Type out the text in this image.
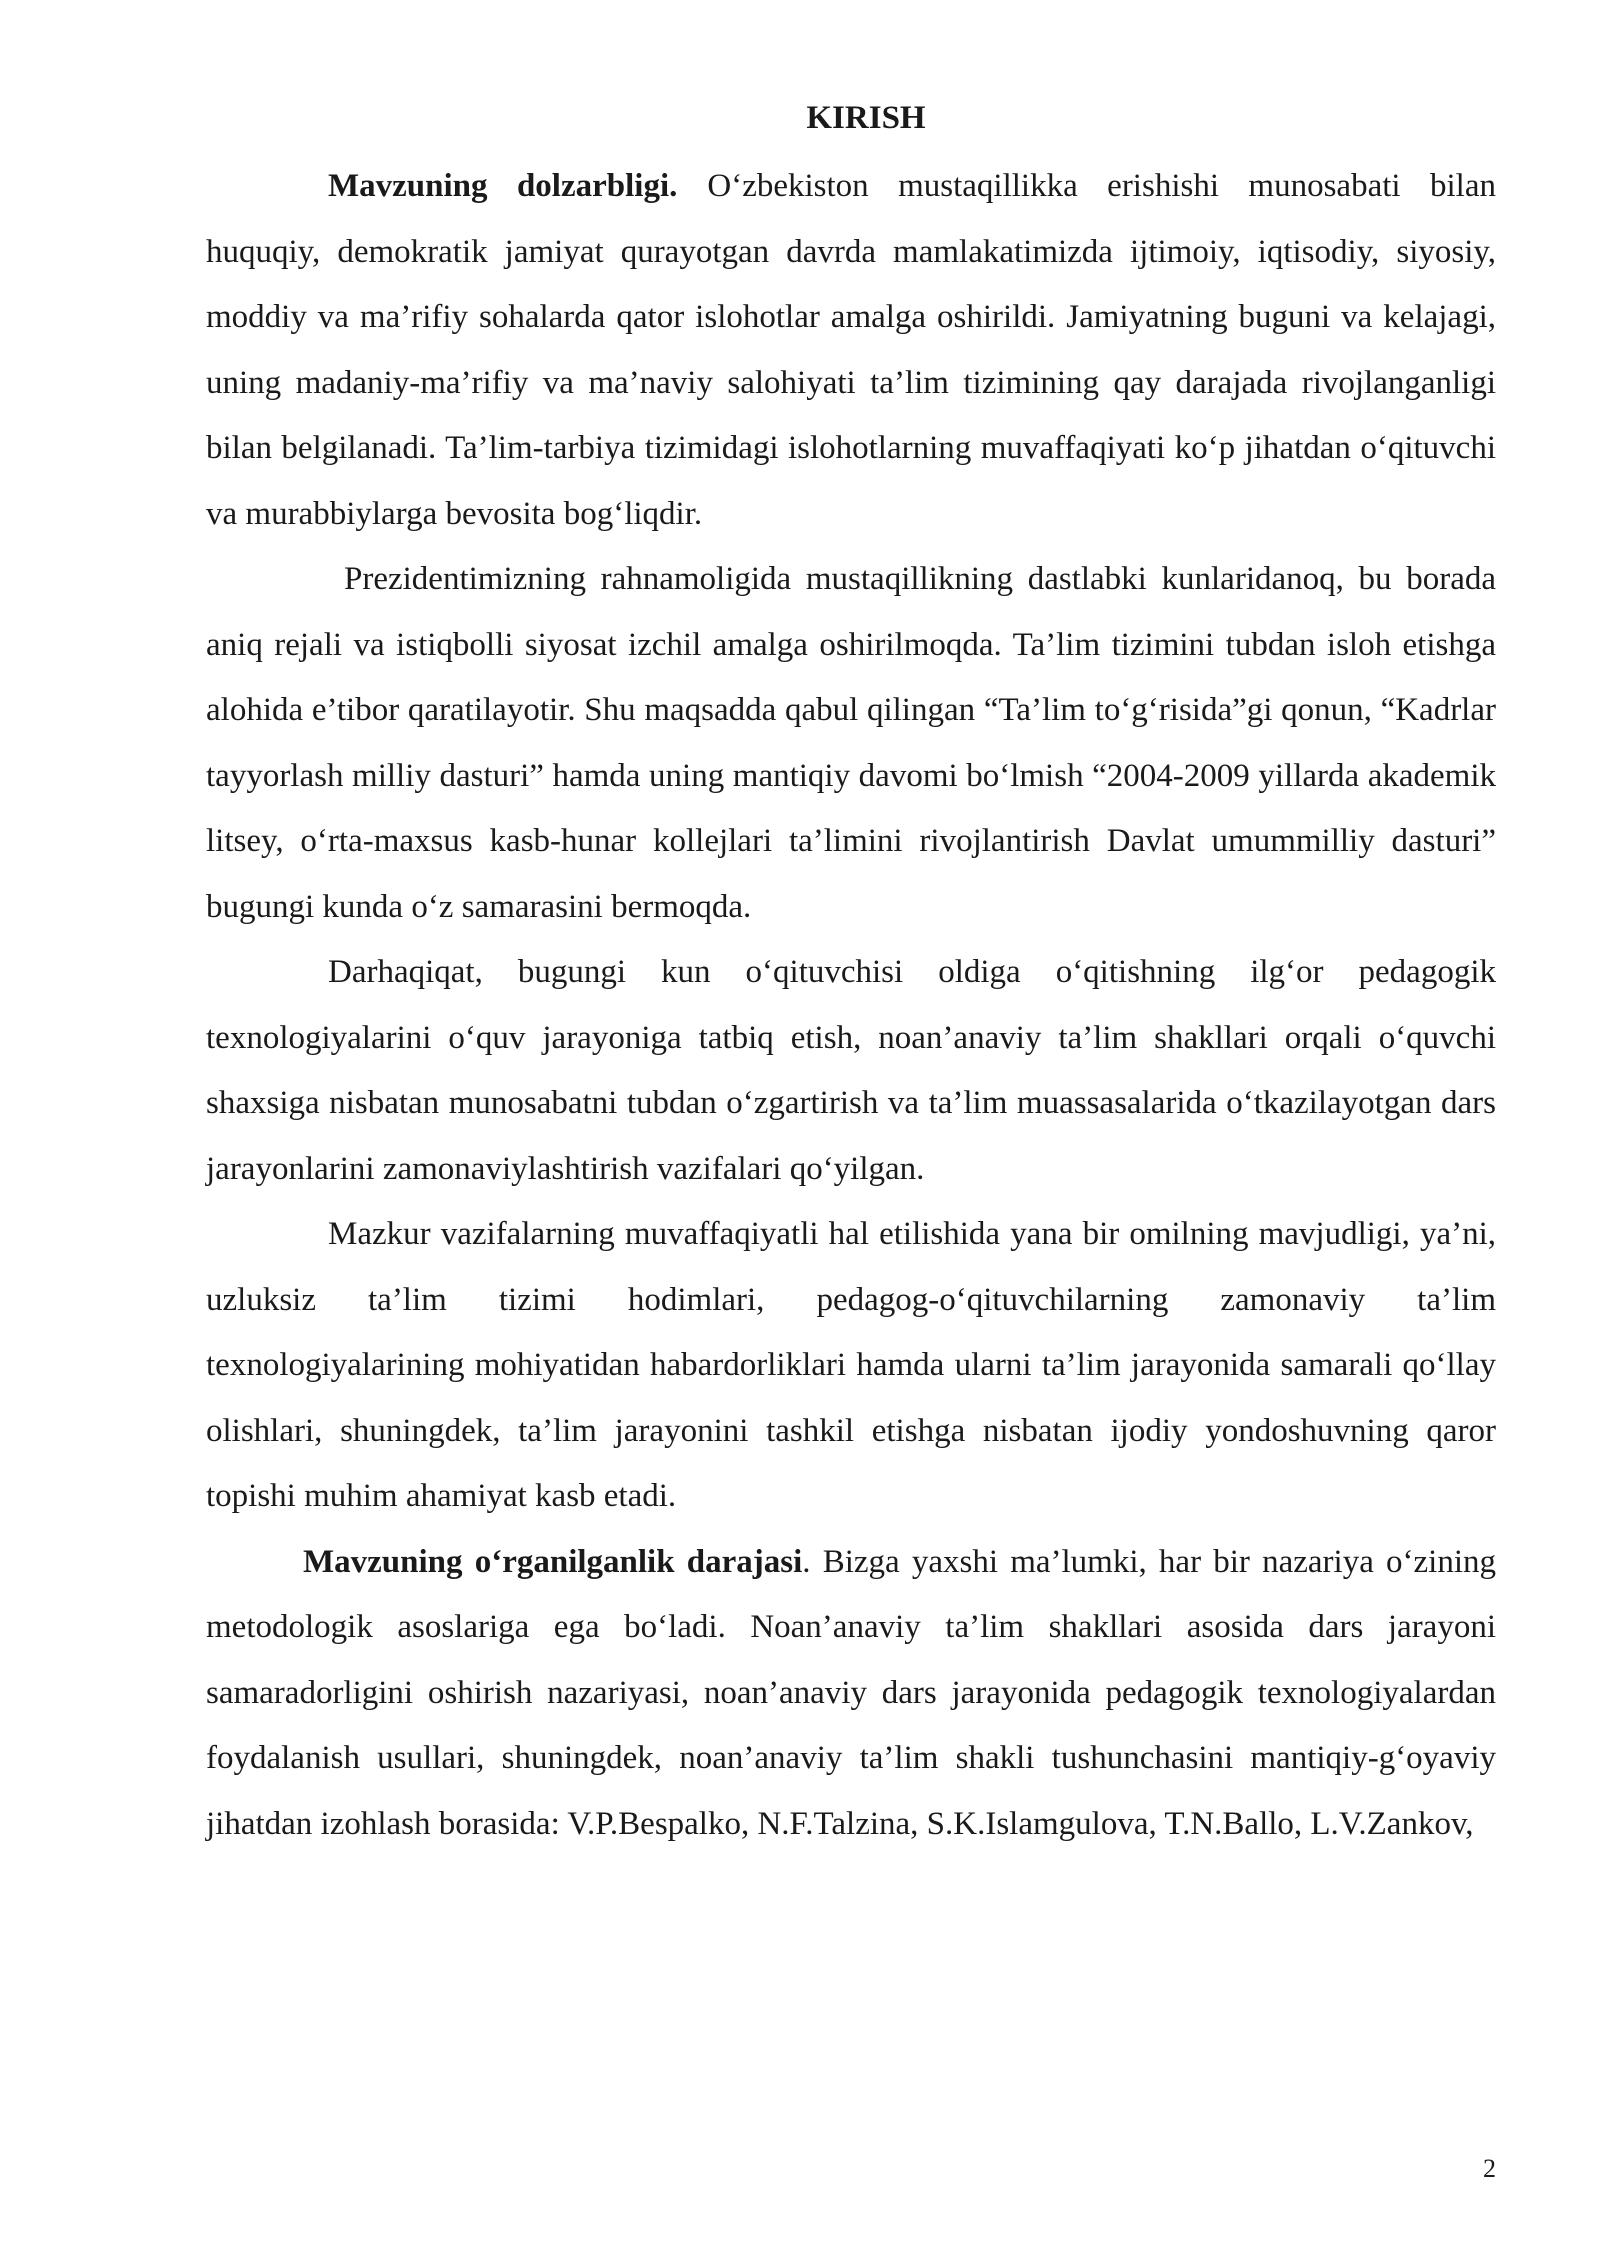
KIRISH

Mavzuning dolzarbligi. O‘zbekiston mustaqillikka erishishi munosabati bilan huquqiy, demokratik jamiyat qurayotgan davrda mamlakatimizda ijtimoiy, iqtisodiy, siyosiy, moddiy va ma’rifiy sohalarda qator islohotlar amalga oshirildi. Jamiyatning buguni va kelajagi, uning madaniy-ma’rifiy va ma’naviy salohiyati ta’lim tizimining qay darajada rivojlanganligi bilan belgilanadi. Ta’lim-tarbiya tizimidagi islohotlarning muvaffaqiyati ko‘p jihatdan o‘qituvchi va murabbiylarga bevosita bog‘liqdir.

Prezidentimizning rahnamoligida mustaqillikning dastlabki kunlaridanoq, bu borada aniq rejali va istiqbolli siyosat izchil amalga oshirilmoqda. Ta’lim tizimini tubdan isloh etishga alohida e’tibor qaratilayotir. Shu maqsadda qabul qilingan “Ta’lim to‘g‘risida”gi qonun, “Kadrlar tayyorlash milliy dasturi” hamda uning mantiqiy davomi bo‘lmish “2004-2009 yillarda akademik litsey, o‘rta-maxsus kasb-hunar kollejlari ta’limini rivojlantirish Davlat umummilliy dasturi” bugungi kunda o‘z samarasini bermoqda.

Darhaqiqat, bugungi kun o‘qituvchisi oldiga o‘qitishning ilg‘or pedagogik texnologiyalarini o‘quv jarayoniga tatbiq etish, noan’anaviy ta’lim shakllari orqali o‘quvchi shaxsiga nisbatan munosabatni tubdan o‘zgartirish va ta’lim muassasalarida o‘tkazilayotgan dars jarayonlarini zamonaviylashtirish vazifalari qo‘yilgan.

Mazkur vazifalarning muvaffaqiyatli hal etilishida yana bir omilning mavjudligi, ya’ni, uzluksiz ta’lim tizimi hodimlari, pedagog-o‘qituvchilarning zamonaviy ta’lim texnologiyalarining mohiyatidan habardorliklari hamda ularni ta’lim jarayonida samarali qo‘llay olishlari, shuningdek, ta’lim jarayonini tashkil etishga nisbatan ijodiy yondoshuvning qaror topishi muhim ahamiyat kasb etadi.

Mavzuning o‘rganilganlik darajasi. Bizga yaxshi ma’lumki, har bir nazariya o‘zining metodologik asoslariga ega bo‘ladi. Noan’anaviy ta’lim shakllari asosida dars jarayoni samaradorligini oshirish nazariyasi, noan’anaviy dars jarayonida pedagogik texnologiyalardan foydalanish usullari, shuningdek, noan’anaviy ta’lim shakli tushunchasini mantiqiy-g‘oyaviy jihatdan izohlash borasida: V.P.Bespalko, N.F.Talzina, S.K.Islamgulova, T.N.Ballo, L.V.Zankov,

2
